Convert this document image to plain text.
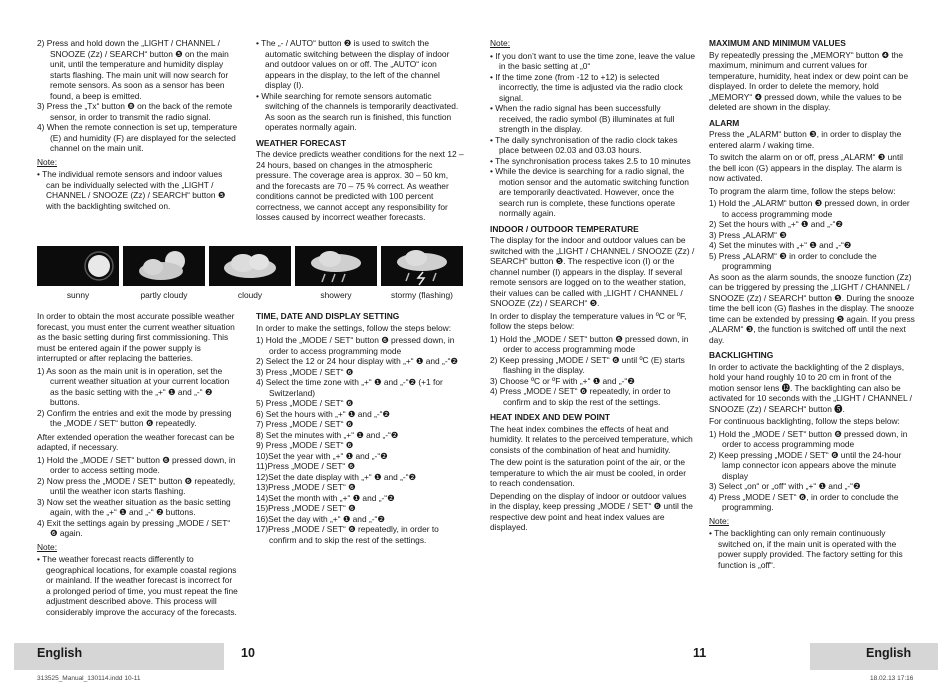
2) Press and hold down the „LIGHT / CHANNEL / SNOOZE (Zz) / SEARCH“ button ❺ on the main unit, until the temperature and humidity display starts flashing. The main unit will now search for remote sensors. As soon as a sensor has been found, a beep is emitted.
3) Press the „Tx“ button ❽ on the back of the remote sensor, in order to transmit the radio signal.
4) When the remote connection is set up, temperature (E) and humidity (F) are displayed for the selected channel on the main unit.

Note:

• The individual remote sensors and indoor values can be individually selected with the „LIGHT / CHANNEL / SNOOZE (Zz) / SEARCH“ button ❺ with the backlighting switched on.
• The „- / AUTO“ button ❷ is used to switch the automatic switching between the display of indoor and outdoor values on or off. The „AUTO“ icon appears in the display, to the left of the channel display (I).
• While searching for remote sensors automatic switching of the channels is temporarily deactivated. As soon as the search run is finished, this function operates normally again.

WEATHER FORECAST

The device predicts weather conditions for the next 12 – 24 hours, based on changes in the atmospheric pressure. The coverage area is approx. 30 – 50 km, and the forecasts are 70 – 75 % correct. As weather conditions cannot be predicted with 100 percent correctness, we cannot accept any responsibility for losses caused by incorrect weather forecasts.

sunny	partly cloudy	cloudy	showery	stormy (flashing)

In order to obtain the most accurate possible weather forecast, you must enter the current weather situation as the basic setting during first commissioning. This must be entered again if the power supply is interrupted or after replacing the batteries.

1) As soon as the main unit is in operation, set the current weather situation at your current location as the basic setting with the „+“ ❶ and „-“ ❷ buttons.
2) Confirm the entries and exit the mode by pressing the „MODE / SET“ button ❻ repeatedly.

After extended operation the weather forecast can be adapted, if necessary.

1) Hold the „MODE / SET“ button ❻ pressed down, in order to access setting mode.
2) Now press the „MODE / SET“ button ❻ repeatedly, until the weather icon starts flashing.
3) Now set the weather situation as the basic setting again, with the „+“ ❶ and „-“ ❷ buttons.
4) Exit the settings again by pressing „MODE / SET“ ❻ again.

Note:

• The weather forecast reacts differently to geographical locations, for example coastal regions or mainland. If the weather forecast is incorrect for a prolonged period of time, you must repeat the fine adjustment described above. This process will considerably improve the accuracy of the forecasts.

TIME, DATE AND DISPLAY SETTING

In order to make the settings, follow the steps below:

1) Hold the „MODE / SET“ button ❻ pressed down, in order to access programming mode
2) Select the 12 or 24 hour display with „+“ ❶ and „-“❷
3) Press „MODE / SET“ ❻
4) Select the time zone with „+“ ❶ and „-“❷ (+1 for Switzerland)
5) Press „MODE / SET“ ❻
6) Set the hours with „+“ ❶ and „-“❷
7) Press „MODE / SET“ ❻
8) Set the minutes with „+“ ❶ and „-“❷
9) Press „MODE / SET“ ❻
10)Set the year with „+“ ❶ and „-“❷
11)Press „MODE / SET“ ❻
12)Set the date display with „+“ ❶ and „-“❷
13)Press „MODE / SET“ ❻
14)Set the month with „+“ ❶ and „-“❷
15)Press „MODE / SET“ ❻
16)Set the day with „+“ ❶ and „-“❷
17)Press „MODE / SET“ ❻ repeatedly, in order to confirm and to skip the rest of the settings.

Note:

• If you don’t want to use the time zone, leave the value in the basic setting at „0“
• If the time zone (from -12 to +12) is selected incorrectly, the time is adjusted via the radio clock signal.
• When the radio signal has been successfully received, the radio symbol (B) illuminates at full strength in the display.
• The daily synchronisation of the radio clock takes place between 02.03 and 03.03 hours.
• The synchronisation process takes 2.5 to 10 minutes
• While the device is searching for a radio signal, the motion sensor and the automatic switching function are temporarily deactivated. However, once the search run is complete, these functions operate normally again.

INDOOR / OUTDOOR TEMPERATURE

The display for the indoor and outdoor values can be switched with the „LIGHT / CHANNEL / SNOOZE (Zz) / SEARCH“ button ❺. The respective icon (I) or the channel number (I) appears in the display. If several remote sensors are logged on to the weather station, their values can be called with „LIGHT / CHANNEL / SNOOZE (Zz) / SEARCH“ ❺.

In order to display the temperature values in ºC or ºF, follow the steps below:

1) Hold the „MODE / SET“ button ❻ pressed down, in order to access programming mode
2) Keep pressing „MODE / SET“ ❻ until ºC (E) starts flashing in the display.
3) Choose ºC or ºF with „+“ ❶ and „-“❷
4) Press „MODE / SET“ ❻ repeatedly, in order to confirm and to skip the rest of the settings.

HEAT INDEX AND DEW POINT

The heat index combines the effects of heat and humidity. It relates to the perceived temperature, which consists of the combination of heat and humidity.

The dew point is the saturation point of the air, or the temperature to which the air must be cooled, in order to reach condensation.

Depending on the display of indoor or outdoor values in the display, keep pressing „MODE / SET“ ❻ until the respective dew point and heat index values are displayed.

MAXIMUM AND MINIMUM VALUES

By repeatedly pressing the „MEMORY“ button ❹ the maximum, minimum and current values for temperature, humidity, heat index or dew point can be displayed. In order to delete the memory, hold „MEMORY“ ❹ pressed down, while the values to be deleted are shown in the display.

ALARM

Press the „ALARM“ button ❸, in order to display the entered alarm / waking time.

To switch the alarm on or off, press „ALARM“ ❸ until the bell icon (G) appears in the display. The alarm is now activated.

To program the alarm time, follow the steps below:

1) Hold the „ALARM“ button ❸ pressed down, in order to access programming mode
2) Set the hours with „+“ ❶ and „-“❷
3) Press „ALARM“ ❸
4) Set the minutes with „+“ ❶ and „-“❷
5) Press „ALARM“ ❸ in order to conclude the programming

As soon as the alarm sounds, the snooze function (Zz) can be triggered by pressing the „LIGHT / CHANNEL / SNOOZE (Zz) / SEARCH“ button ❺. During the snooze time the bell icon (G) flashes in the display. The snooze time can be extended by pressing ❺ again. If you press „ALARM“ ❸, the function is switched off until the next day.

BACKLIGHTING

In order to activate the backlighting of the 2 displays, hold your hand roughly 10 to 20 cm in front of the motion sensor lens ⓬. The backlighting can also be activated for 10 seconds with the „LIGHT / CHANNEL / SNOOZE (Zz) / SEARCH“ button ❺.

For continuous backlighting, follow the steps below:

1) Hold the „MODE / SET“ button ❻ pressed down, in order to access programming mode
2) Keep pressing „MODE / SET“ ❻ until the 24-hour lamp connector icon appears above the minute display
3) Select „on“ or „off“ with „+“ ❶ and „-“❷
4) Press „MODE / SET“ ❻, in order to conclude the programming.

Note:

• The backlighting can only remain continuously switched on, if the main unit is operated with the power supply provided. The factory setting for this function is „off“.
English	10	11	English
313525_Manual_130114.indd 10-11	18.02.13 17:16
